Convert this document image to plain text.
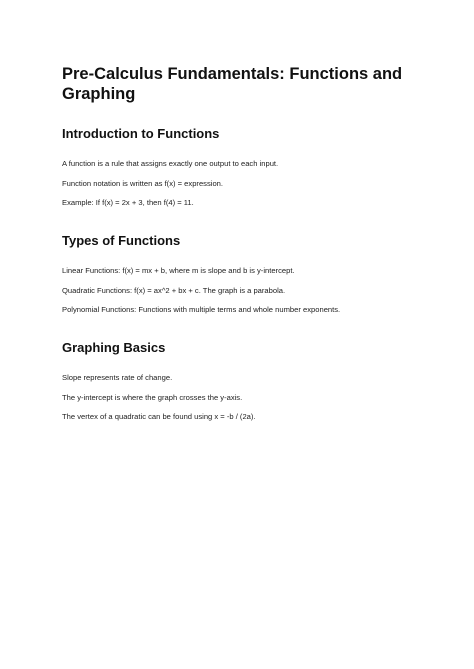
Pre-Calculus Fundamentals: Functions and Graphing
Introduction to Functions

A function is a rule that assigns exactly one output to each input.

Function notation is written as f(x) = expression.

Example: If f(x) = 2x + 3, then f(4) = 11.

Types of Functions

Linear Functions: f(x) = mx + b, where m is slope and b is y-intercept.

Quadratic Functions: f(x) = ax^2 + bx + c. The graph is a parabola.

Polynomial Functions: Functions with multiple terms and whole number exponents.

Graphing Basics

Slope represents rate of change.

The y-intercept is where the graph crosses the y-axis.

The vertex of a quadratic can be found using x = -b / (2a).
